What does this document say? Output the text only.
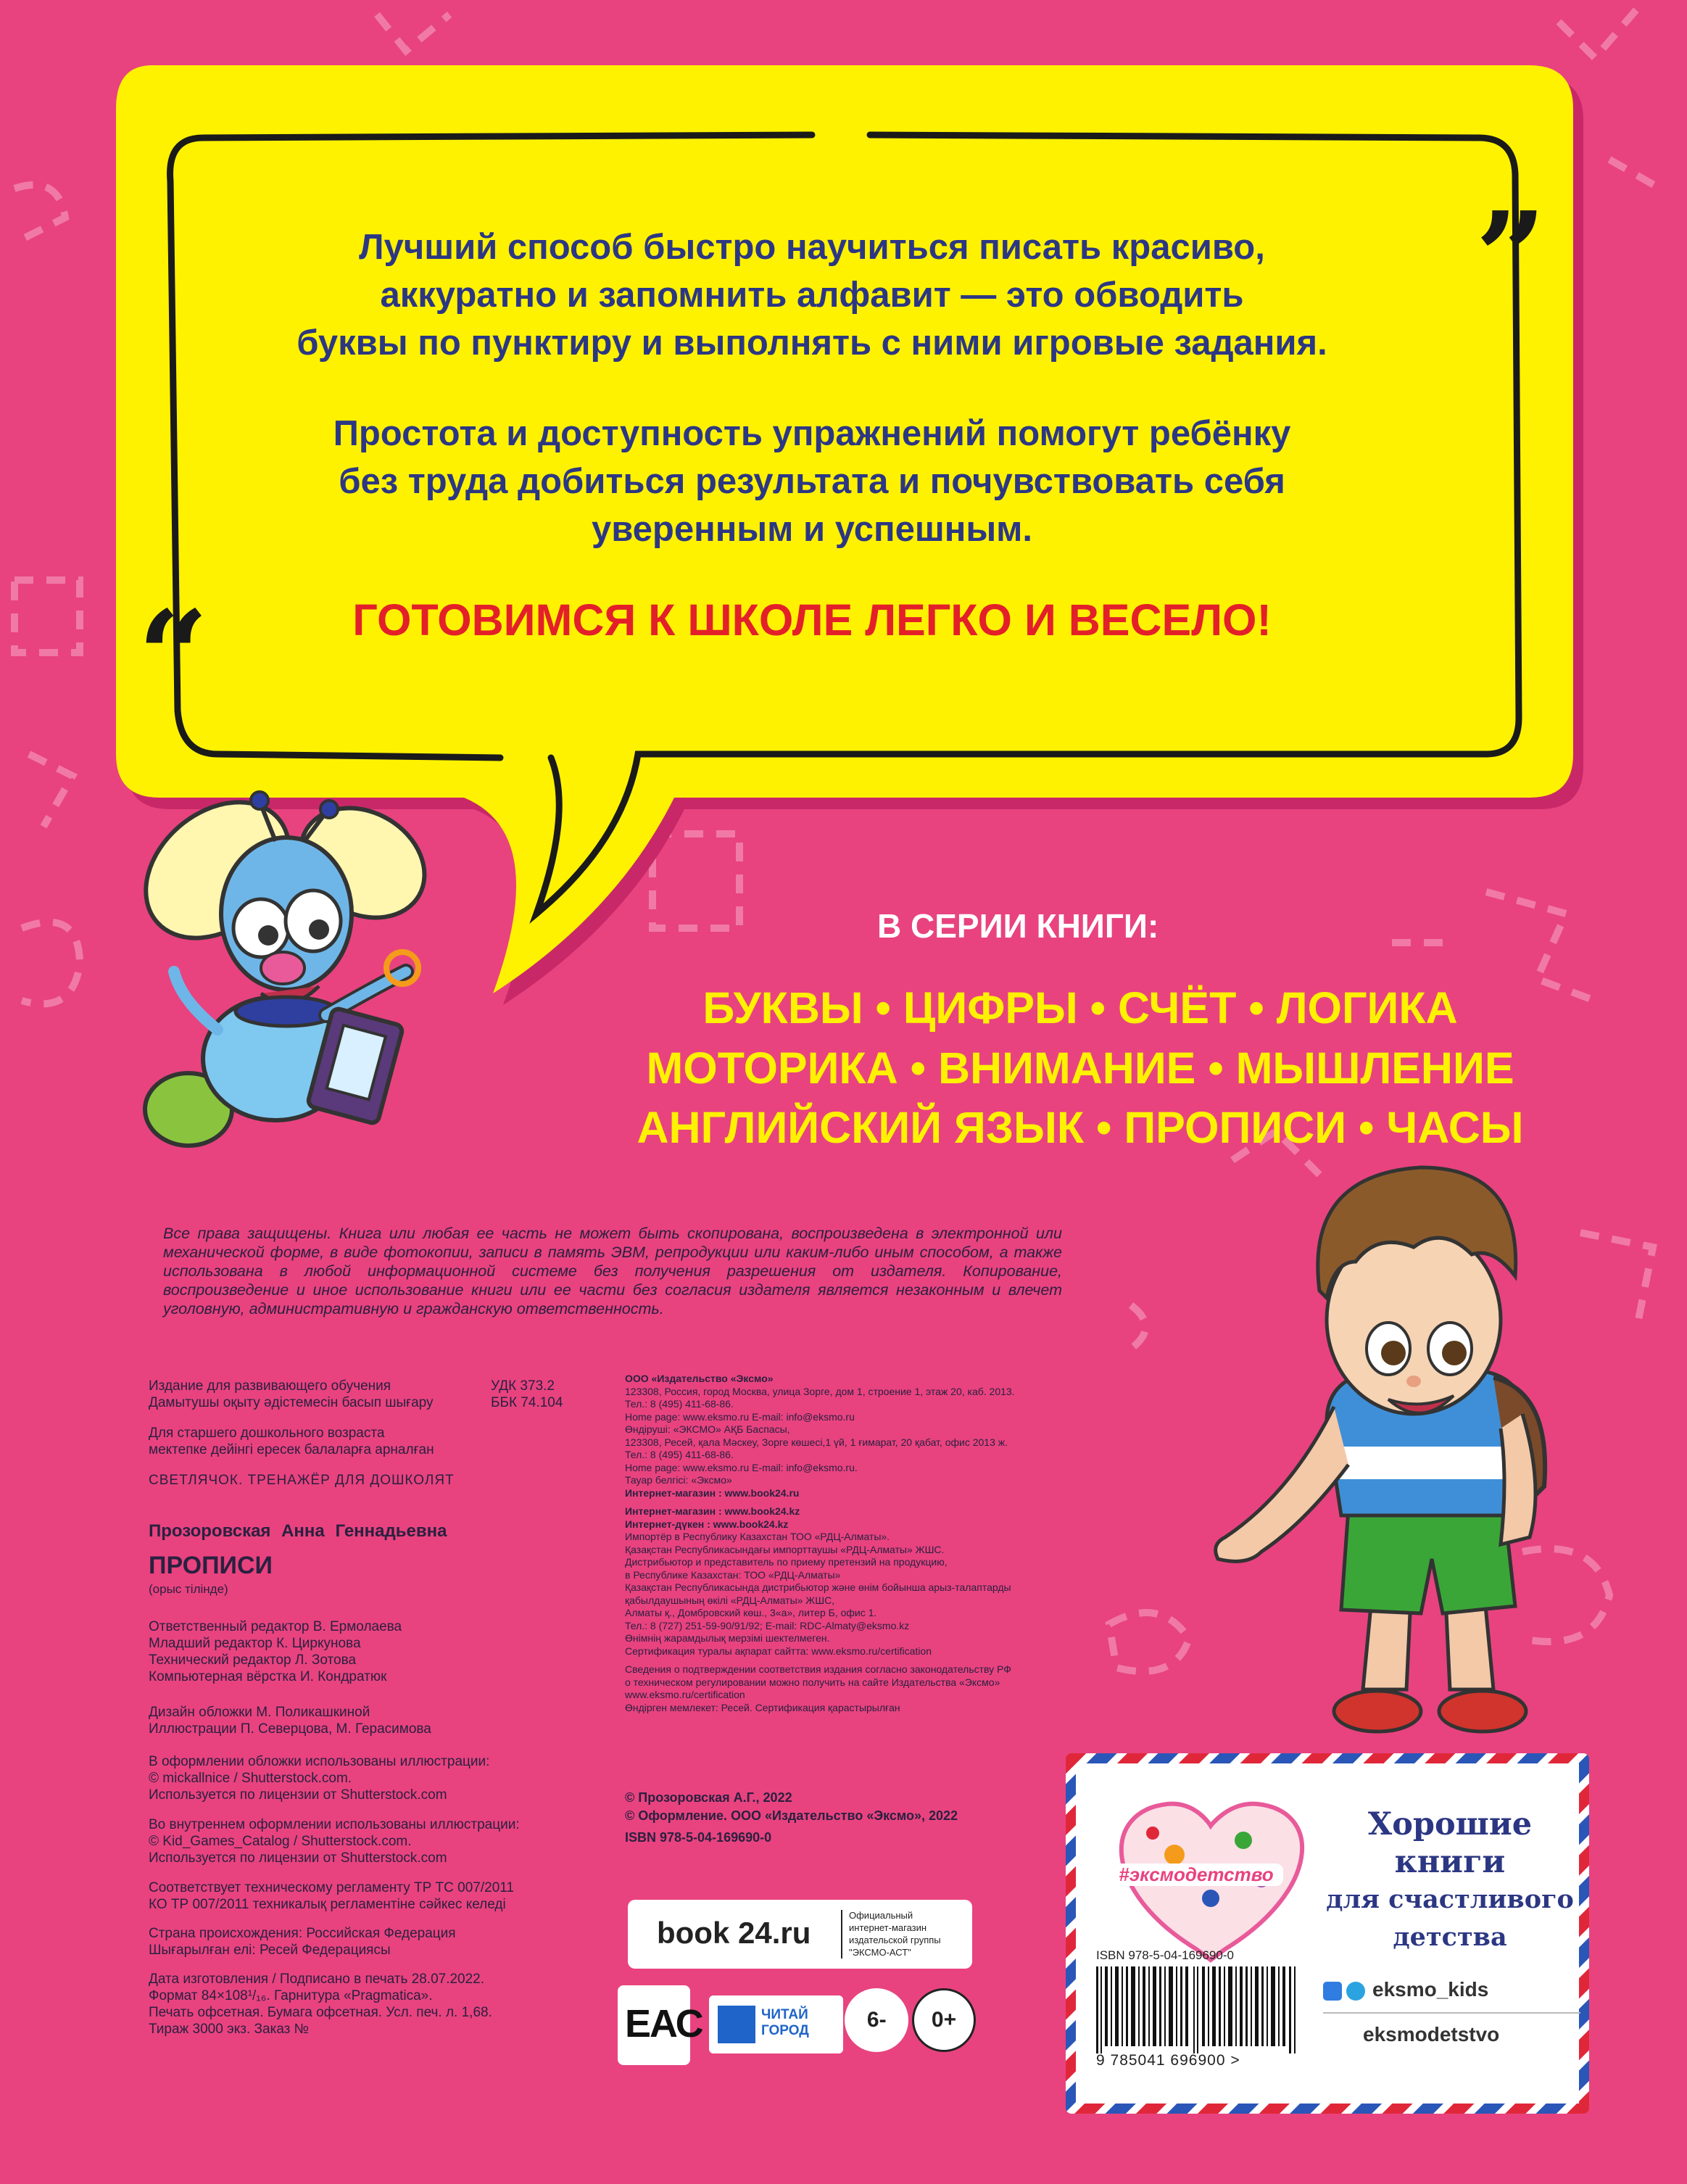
Лучший способ быстро научиться писать красиво,
аккуратно и запомнить алфавит — это обводить
буквы по пунктиру и выполнять с ними игровые задания.
Простота и доступность упражнений помогут ребёнку
без труда добиться результата и почувствовать себя
уверенным и успешным.
ГОТОВИМСЯ К ШКОЛЕ ЛЕГКО И ВЕСЕЛО!
”
“
В СЕРИИ КНИГИ:
БУКВЫ • ЦИФРЫ • СЧЁТ • ЛОГИКА
МОТОРИКА • ВНИМАНИЕ • МЫШЛЕНИЕ
АНГЛИЙСКИЙ ЯЗЫК • ПРОПИСИ • ЧАСЫ
Все права защищены. Книга или любая ее часть не может быть скопирована, воспроизведена в электронной или механической форме, в виде фотокопии, записи в память ЭВМ, репродукции или каким-либо иным способом, а также использована в любой информационной системе без получения разрешения от издателя. Копирование, воспроизведение и иное использование книги или ее части без согласия издателя является незаконным и влечет уголовную, административную и гражданскую ответственность.
Издание для развивающего обучения
Дамытушы оқыту әдістемесін басып шығару
УДК 373.2
ББК 74.104
Для старшего дошкольного возраста
мектепке дейінгі ересек балаларға арналған
СВЕТЛЯЧОК. ТРЕНАЖЁР ДЛЯ ДОШКОЛЯТ
Прозоровская Анна Геннадьевна
ПРОПИСИ
(орыс тілінде)
Ответственный редактор В. Ермолаева
Младший редактор К. Циркунова
Технический редактор Л. Зотова
Компьютерная вёрстка И. Кондратюк
Дизайн обложки М. Поликашкиной
Иллюстрации П. Северцова, М. Герасимова
В оформлении обложки использованы иллюстрации:
© mickallnice / Shutterstock.com.
Используется по лицензии от Shutterstock.com
Во внутреннем оформлении использованы иллюстрации:
© Kid_Games_Catalog / Shutterstock.com.
Используется по лицензии от Shutterstock.com
Соответствует техническому регламенту ТР ТС 007/2011
КО ТР 007/2011 техникалық регламентіне сәйкес келеді
Страна происхождения: Российская Федерация
Шығарылған елі: Ресей Федерациясы
Дата изготовления / Подписано в печать 28.07.2022.
Формат 84×108¹/₁₆. Гарнитура «Pragmatica».
Печать офсетная. Бумага офсетная. Усл. печ. л. 1,68.
Тираж 3000 экз. Заказ №
ООО «Издательство «Эксмо»
123308, Россия, город Москва, улица Зорге, дом 1, строение 1, этаж 20, каб. 2013.
Тел.: 8 (495) 411-68-86.
Home page: www.eksmo.ru E-mail: info@eksmo.ru
Өндіруші: «ЭКСМО» АҚБ Баспасы,
123308, Ресей, қала Мәскеу, Зорге көшесі,1 үй, 1 ғимарат, 20 қабат, офис 2013 ж.
Тел.: 8 (495) 411-68-86.
Home page: www.eksmo.ru E-mail: info@eksmo.ru.
Тауар белгісі: «Эксмо»
Интернет-магазин : www.book24.ru
Интернет-магазин : www.book24.kz
Интернет-дүкен : www.book24.kz
Импортёр в Республику Казахстан ТОО «РДЦ-Алматы».
Қазақстан Республикасындағы импорттаушы «РДЦ-Алматы» ЖШС.
Дистрибьютор и представитель по приему претензий на продукцию,
в Республике Казахстан: ТОО «РДЦ-Алматы»
Қазақстан Республикасында дистрибьютор және өнім бойынша арыз-талаптарды
қабылдаушының өкілі «РДЦ-Алматы» ЖШС,
Алматы қ., Домбровский көш., 3«а», литер Б, офис 1.
Тел.: 8 (727) 251-59-90/91/92; E-mail: RDC-Almaty@eksmo.kz
Өнімнің жарамдылық мерзімі шектелмеген.
Сертификация туралы ақпарат сайтта: www.eksmo.ru/certification
Сведения о подтверждении соответствия издания согласно законодательству РФ
о техническом регулировании можно получить на сайте Издательства «Эксмо»
www.eksmo.ru/certification
Өндірген мемлекет: Ресей. Сертификация қарастырылған
© Прозоровская А.Г., 2022
© Оформление. ООО «Издательство «Эксмо», 2022
ISBN 978-5-04-169690-0
book 24.ru
Официальный
интернет-магазин
издательской группы
"ЭКСМО-АСТ"
ЕАС	ЧИТАЙ
ГОРОД	6-	0+
#эксмодетство
Хорошие
книги
для счастливого
детства
ISBN 978-5-04-169690-0
9 785041 696900 >
eksmo_kids
eksmodetstvo
